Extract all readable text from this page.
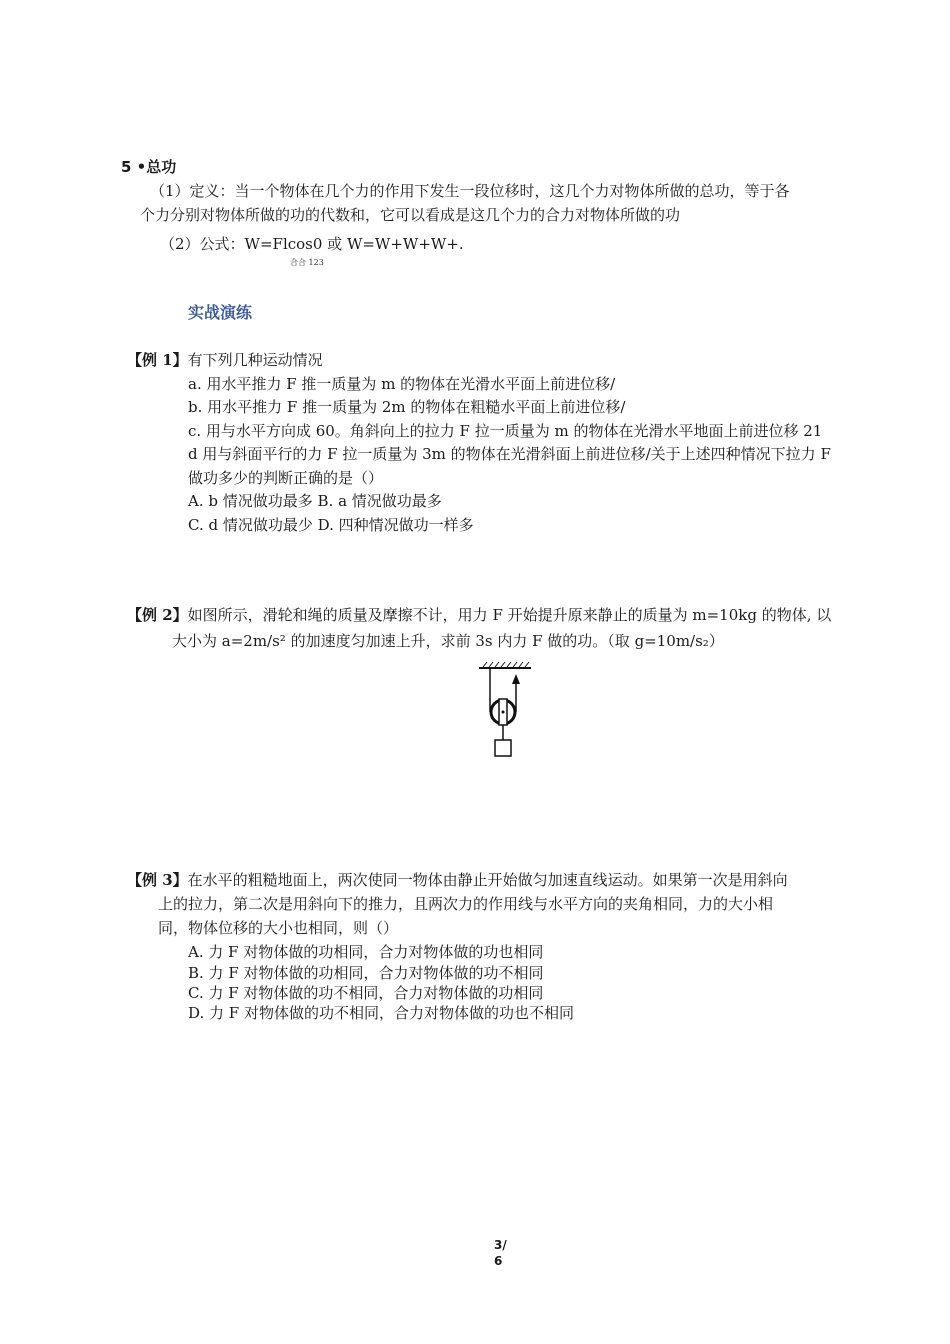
5 •总功
（1）定义：当一个物体在几个力的作用下发生一段位移时，这几个力对物体所做的总功，等于各
个力分别对物体所做的功的代数和，它可以看成是这几个力的合力对物体所做的功
（2）公式：W=Flcos0 或 W=W+W+W+.
合合 123
实战演练
【例 1】有下列几种运动情况
a. 用水平推力 F 推一质量为 m 的物体在光滑水平面上前进位移/
b. 用水平推力 F 推一质量为 2m 的物体在粗糙水平面上前进位移/
c. 用与水平方向成 60。角斜向上的拉力 F 拉一质量为 m 的物体在光滑水平地面上前进位移 21
d 用与斜面平行的力 F 拉一质量为 3m 的物体在光滑斜面上前进位移/关于上述四种情况下拉力 F
做功多少的判断正确的是（）
A. b 情况做功最多 B. a 情况做功最多
C. d 情况做功最少 D. 四种情况做功一样多
【例 2】如图所示，滑轮和绳的质量及摩擦不计，用力 F 开始提升原来静止的质量为 m=10kg 的物体, 以
大小为 a=2m/s² 的加速度匀加速上升，求前 3s 内力 F 做的功。（取 g=10m/s₂）
【例 3】在水平的粗糙地面上，两次使同一物体由静止开始做匀加速直线运动。如果第一次是用斜向
上的拉力，第二次是用斜向下的推力，且两次力的作用线与水平方向的夹角相同，力的大小相
同，物体位移的大小也相同，则（）
A. 力 F 对物体做的功相同，合力对物体做的功也相同
B. 力 F 对物体做的功相同，合力对物体做的功不相同
C. 力 F 对物体做的功不相同，合力对物体做的功相同
D. 力 F 对物体做的功不相同，合力对物体做的功也不相同
3/
6
